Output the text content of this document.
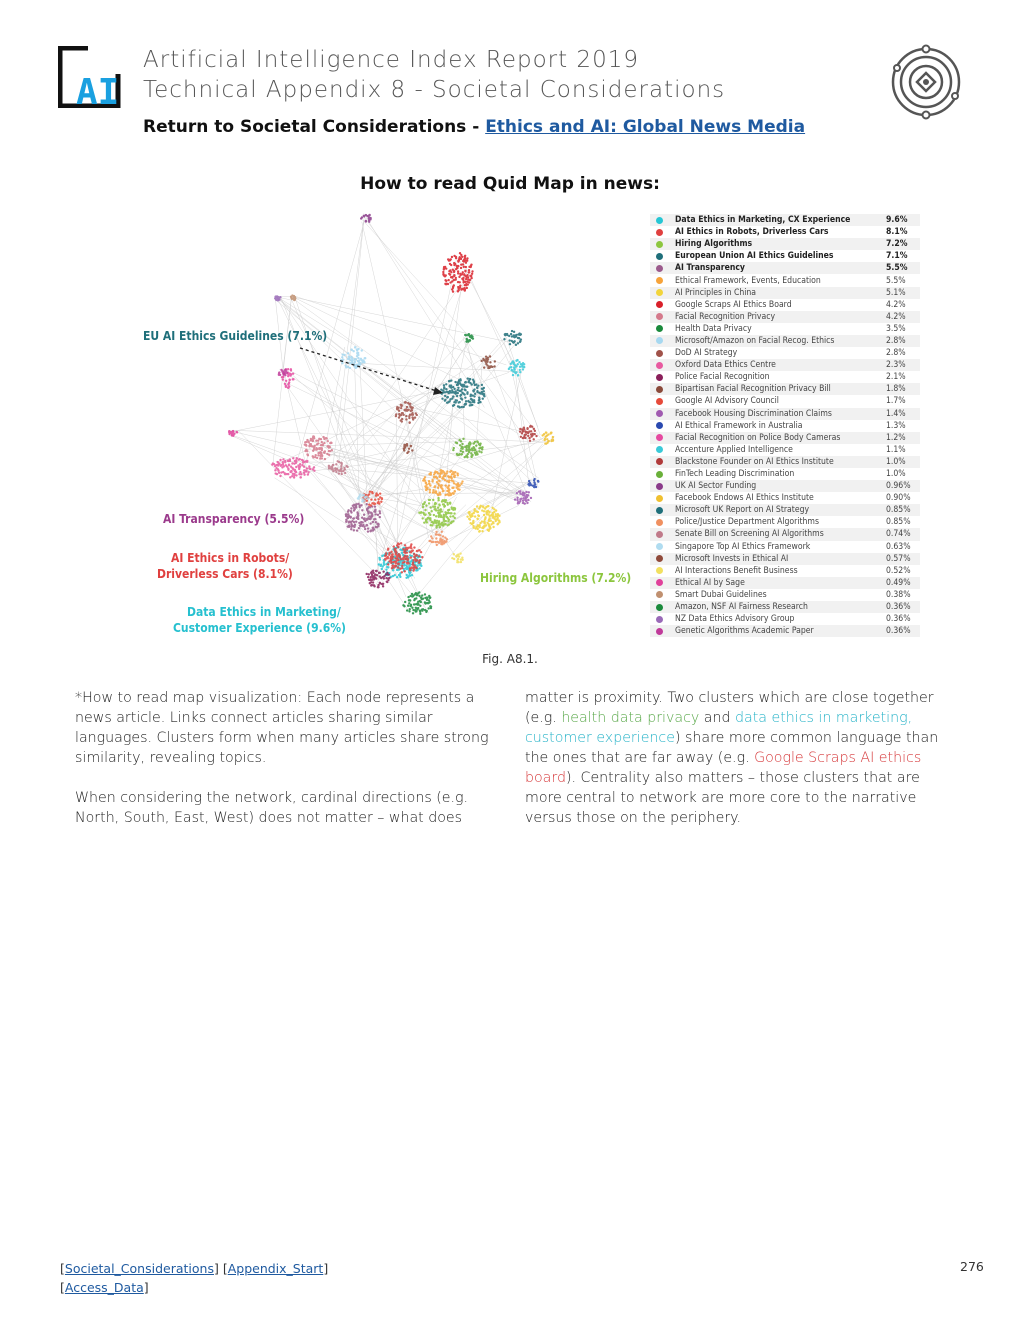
AI
Artificial Intelligence Index Report 2019
Technical Appendix 8 - Societal Considerations
Return to Societal Considerations - Ethics and AI: Global News Media
How to read Quid Map in news:
EU AI Ethics Guidelines (7.1%)
AI Transparency (5.5%)
AI Ethics in Robots/
Driverless Cars (8.1%)
Data Ethics in Marketing/
Customer Experience (9.6%)
Hiring Algorithms (7.2%)
Data Ethics in Marketing, CX Experience	9.6%
AI Ethics in Robots, Driverless Cars	8.1%
Hiring Algorithms	7.2%
European Union AI Ethics Guidelines	7.1%
AI Transparency	5.5%
Ethical Framework, Events, Education	5.5%
AI Principles in China	5.1%
Google Scraps AI Ethics Board	4.2%
Facial Recognition Privacy	4.2%
Health Data Privacy	3.5%
Microsoft/Amazon on Facial Recog. Ethics	2.8%
DoD AI Strategy	2.8%
Oxford Data Ethics Centre	2.3%
Police Facial Recognition	2.1%
Bipartisan Facial Recognition Privacy Bill	1.8%
Google AI Advisory Council	1.7%
Facebook Housing Discrimination Claims	1.4%
AI Ethical Framework in Australia	1.3%
Facial Recognition on Police Body Cameras	1.2%
Accenture Applied Intelligence	1.1%
Blackstone Founder on AI Ethics Institute	1.0%
FinTech Leading Discrimination	1.0%
UK AI Sector Funding	0.96%
Facebook Endows AI Ethics Institute	0.90%
Microsoft UK Report on AI Strategy	0.85%
Police/Justice Department Algorithms	0.85%
Senate Bill on Screening AI Algorithms	0.74%
Singapore Top AI Ethics Framework	0.63%
Microsoft Invests in Ethical AI	0.57%
AI Interactions Benefit Business	0.52%
Ethical AI by Sage	0.49%
Smart Dubai Guidelines	0.38%
Amazon, NSF AI Fairness Research	0.36%
NZ Data Ethics Advisory Group	0.36%
Genetic Algorithms Academic Paper	0.36%
Fig. A8.1.

*How to read map visualization: Each node represents a news article. Links connect articles sharing similar languages. Clusters form when many articles share strong similarity, revealing topics.

When considering the network, cardinal directions (e.g. North, South, East, West) does not matter – what does

matter is proximity. Two clusters which are close together (e.g. health data privacy and data ethics in marketing, customer experience) share more common language than the ones that are far away (e.g. Google Scraps AI ethics board). Centrality also matters – those clusters that are more central to network are more core to the narrative versus those on the periphery.

[Societal_Considerations] [Appendix_Start]
[Access_Data]
276
